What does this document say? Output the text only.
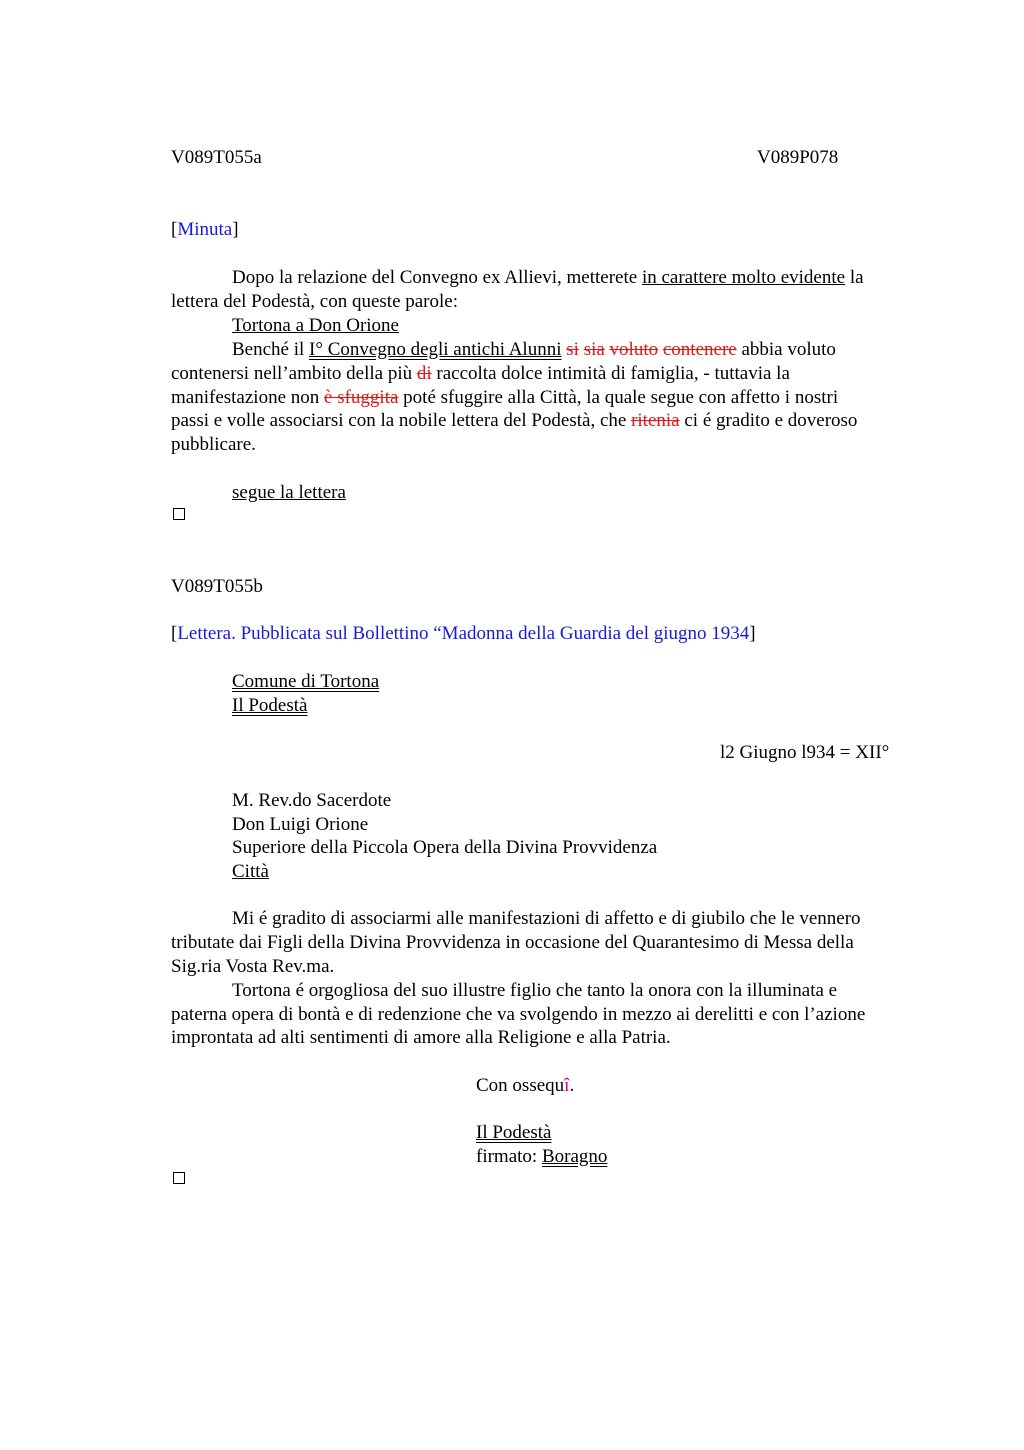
V089T055a	V089P078
[Minuta]
Dopo la relazione del Convegno ex Allievi, metterete in carattere molto evidente la
lettera del Podestà, con queste parole:
Tortona a Don Orione
Benché il I° Convegno degli antichi Alunni si sia voluto contenere abbia voluto
contenersi nell’ambito della più di raccolta dolce intimità di famiglia, - tuttavia la
manifestazione non è sfuggita poté sfuggire alla Città, la quale segue con affetto i nostri
passi e volle associarsi con la nobile lettera del Podestà, che ritenia ci é gradito e doveroso
pubblicare.
segue la lettera
V089T055b
[Lettera. Pubblicata sul Bollettino “Madonna della Guardia del giugno 1934]
Comune di Tortona
Il Podestà
l2 Giugno l934 = XII°
M. Rev.do Sacerdote
Don Luigi Orione
Superiore della Piccola Opera della Divina Provvidenza
Città
Mi é gradito di associarmi alle manifestazioni di affetto e di giubilo che le vennero
tributate dai Figli della Divina Provvidenza in occasione del Quarantesimo di Messa della
Sig.ria Vosta Rev.ma.
Tortona é orgogliosa del suo illustre figlio che tanto la onora con la illuminata e
paterna opera di bontà e di redenzione che va svolgendo in mezzo ai derelitti e con l’azione
improntata ad alti sentimenti di amore alla Religione e alla Patria.
Con ossequî.
Il Podestà
firmato: Boragno
